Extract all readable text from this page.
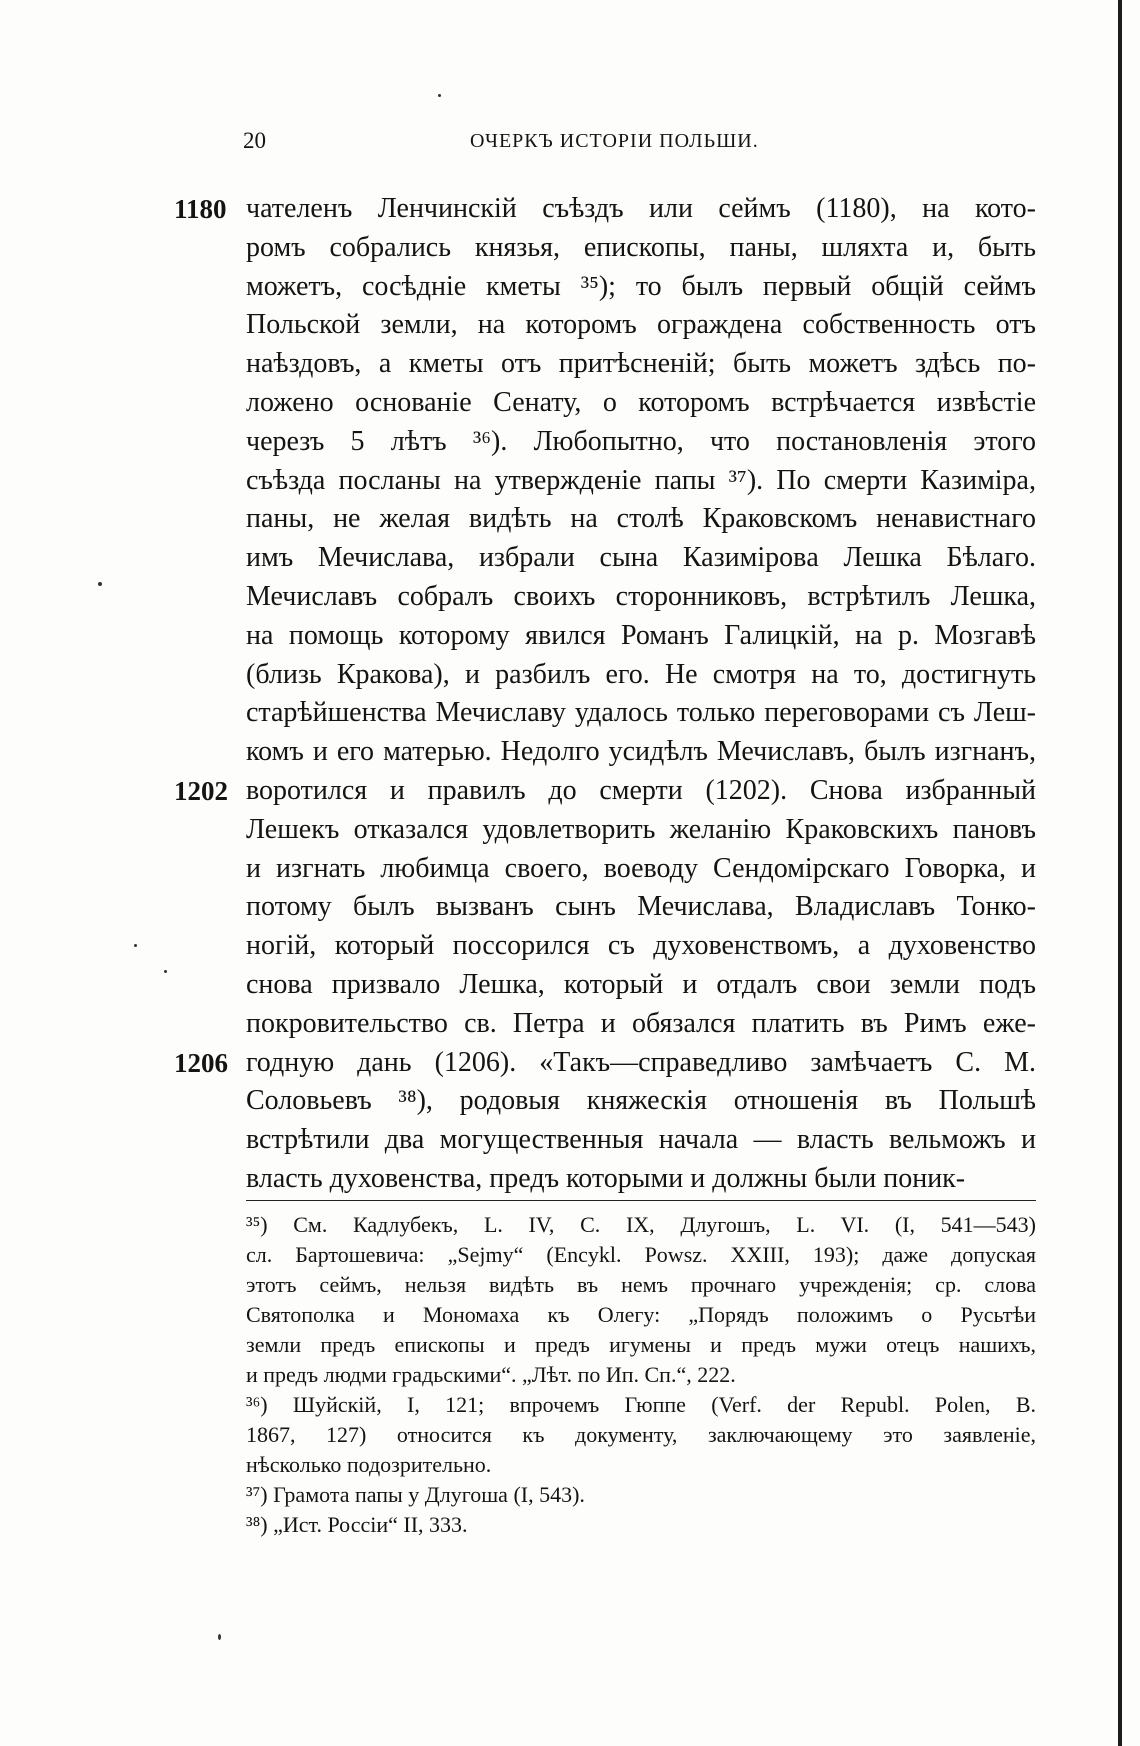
20	ОЧЕРКЪ ИСТОРІИ ПОЛЬШИ.
1180 чателенъ Ленчинскій съѣздъ или сеймъ (1180), на кото-
ромъ собрались князья, епископы, паны, шляхта и, быть
можетъ, сосѣдніе кметы ³⁵); то былъ первый общій сеймъ
Польской земли, на которомъ ограждена собственность отъ
наѣздовъ, а кметы отъ притѣсненій; быть можетъ здѣсь по-
ложено основаніе Сенату, о которомъ встрѣчается извѣстіе
черезъ 5 лѣтъ ³⁶). Любопытно, что постановленія этого
съѣзда посланы на утвержденіе папы ³⁷). По смерти Казиміра,
паны, не желая видѣть на столѣ Краковскомъ ненавистнаго
имъ Мечислава, избрали сына Казиміровa Лешка Бѣлаго.
Мечиславъ собралъ своихъ сторонниковъ, встрѣтилъ Лешка,
на помощь которому явился Романъ Галицкій, на р. Мозгавѣ
(близь Кракова), и разбилъ его. Не смотря на то, достигнуть
старѣйшенства Мечиславу удалось только переговорами съ Леш-
комъ и его матерью. Недолго усидѣлъ Мечиславъ, былъ изгнанъ,
1202 воротился и правилъ до смерти (1202). Снова избранный
Лешекъ отказался удовлетворить желанію Краковскихъ пановъ
и изгнать любимца своего, воеводу Сендомірскаго Говорка, и
потому былъ вызванъ сынъ Мечислава, Владиславъ Тонко-
ногій, который поссорился съ духовенствомъ, а духовенство
снова призвало Лешка, который и отдалъ свои земли подъ
покровительство св. Петра и обязался платить въ Римъ еже-
1206 годную дань (1206). «Такъ—справедливо замѣчаетъ С. М.
Соловьевъ ³⁸), родовыя княжескія отношенія въ Польшѣ
встрѣтили два могущественныя начала — власть вельможъ и
власть духовенства, предъ которыми и должны были поник-
³⁵) См. Кадлубекъ, L. IV, C. IX, Длугошъ, L. VI. (I, 541—543)
сл. Бартошевича: „Sejmy“ (Encykl. Powsz. XXIII, 193); даже допуская
этотъ сеймъ, нельзя видѣть въ немъ прочнаго учрежденія; ср. слова
Святополка и Мономаха къ Олегу: „Порядъ положимъ о Русьтѣи
земли предъ епископы и предъ игумены и предъ мужи отецъ нашихъ,
и предъ людми градьскими“. „Лѣт. по Ип. Сп.“, 222.
³⁶) Шуйскій, I, 121; впрочемъ Гюппе (Verf. der Republ. Polen, B.
1867, 127) относится къ документу, заключающему это заявленіе,
нѣсколько подозрительно.
³⁷) Грамота папы у Длугоша (I, 543).
³⁸) „Ист. Россіи“ II, 333.
